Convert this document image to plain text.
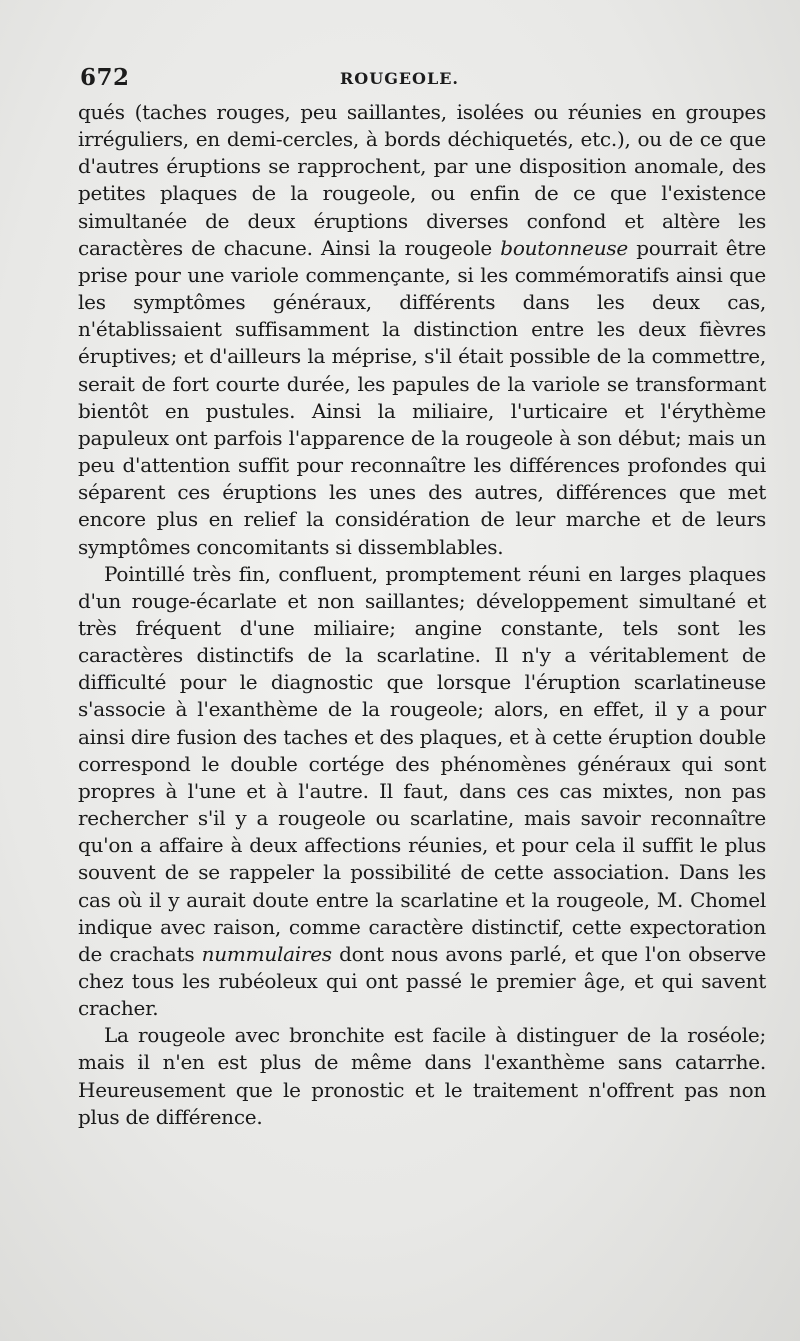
672	ROUGEOLE.

qués (taches rouges, peu saillantes, isolées ou réunies en groupes irréguliers, en demi-cercles, à bords déchiquetés, etc.), ou de ce que d'autres éruptions se rapprochent, par une disposition anomale, des petites plaques de la rougeole, ou enfin de ce que l'existence simultanée de deux éruptions diverses confond et altère les caractères de chacune. Ainsi la rougeole boutonneuse pourrait être prise pour une variole commençante, si les commémoratifs ainsi que les symptômes généraux, différents dans les deux cas, n'établissaient suffisamment la distinction entre les deux fièvres éruptives; et d'ailleurs la méprise, s'il était possible de la commettre, serait de fort courte durée, les papules de la variole se transformant bientôt en pustules. Ainsi la miliaire, l'urticaire et l'érythème papuleux ont parfois l'apparence de la rougeole à son début; mais un peu d'attention suffit pour reconnaître les différences profondes qui séparent ces éruptions les unes des autres, différences que met encore plus en relief la considération de leur marche et de leurs symptômes concomitants si dissemblables.

Pointillé très fin, confluent, promptement réuni en larges plaques d'un rouge-écarlate et non saillantes; développement simultané et très fréquent d'une miliaire; angine constante, tels sont les caractères distinctifs de la scarlatine. Il n'y a véritablement de difficulté pour le diagnostic que lorsque l'éruption scarlatineuse s'associe à l'exanthème de la rougeole; alors, en effet, il y a pour ainsi dire fusion des taches et des plaques, et à cette éruption double correspond le double cortége des phénomènes généraux qui sont propres à l'une et à l'autre. Il faut, dans ces cas mixtes, non pas rechercher s'il y a rougeole ou scarlatine, mais savoir reconnaître qu'on a affaire à deux affections réunies, et pour cela il suffit le plus souvent de se rappeler la possibilité de cette association. Dans les cas où il y aurait doute entre la scarlatine et la rougeole, M. Chomel indique avec raison, comme caractère distinctif, cette expectoration de crachats nummulaires dont nous avons parlé, et que l'on observe chez tous les rubéoleux qui ont passé le premier âge, et qui savent cracher.

La rougeole avec bronchite est facile à distinguer de la roséole; mais il n'en est plus de même dans l'exanthème sans catarrhe. Heureusement que le pronostic et le traitement n'offrent pas non plus de différence.
